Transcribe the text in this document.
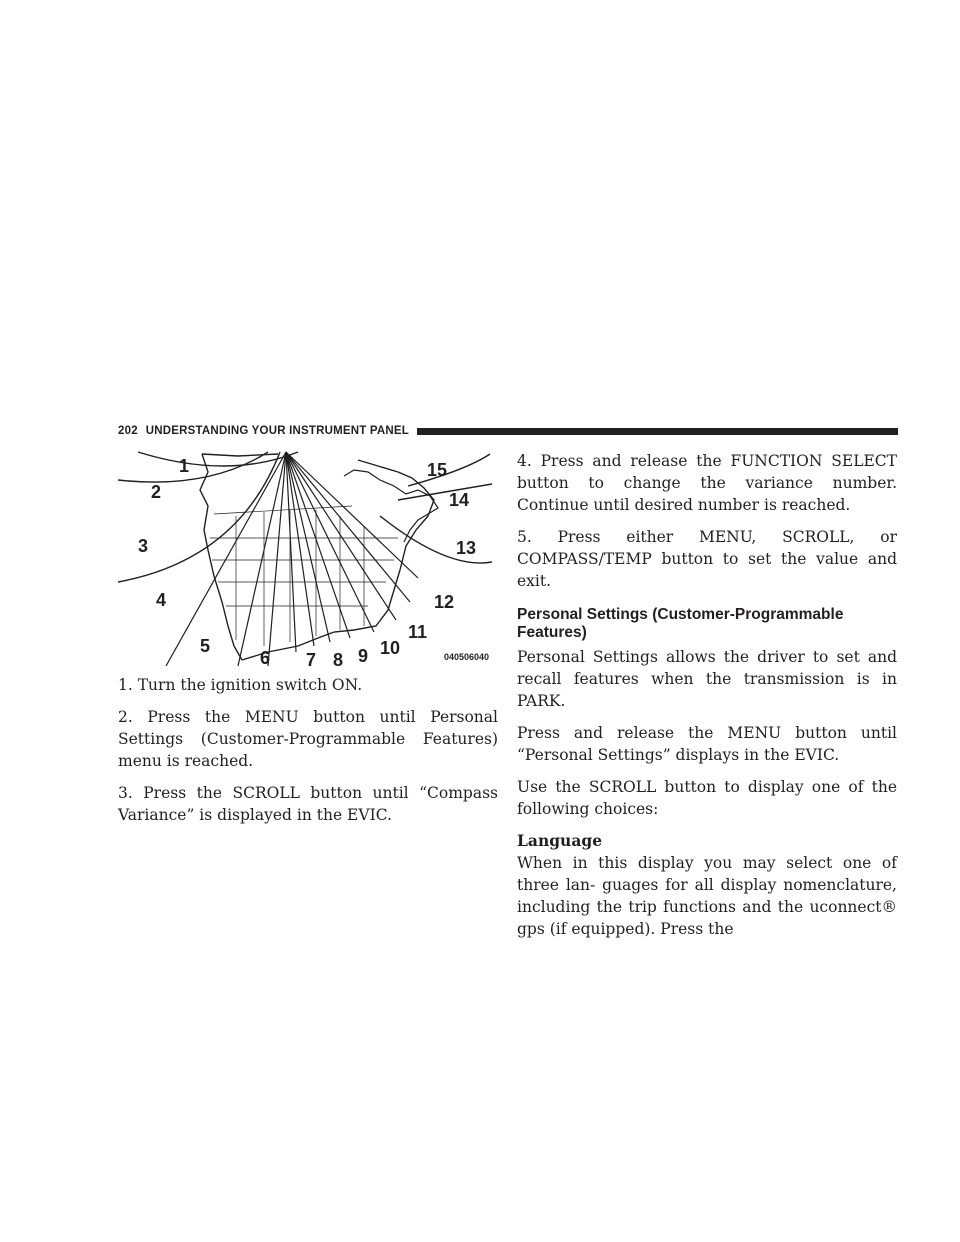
202 UNDERSTANDING YOUR INSTRUMENT PANEL
1
2
3
4
5
6 7 8 9 10
11
12
13
14
15
040506040

1. Turn the ignition switch ON.

2. Press the MENU button until Personal Settings (Customer-Programmable Features) menu is reached.

3. Press the SCROLL button until “Compass Variance” is displayed in the EVIC.

4. Press and release the FUNCTION SELECT button to change the variance number. Continue until desired number is reached.

5. Press either MENU, SCROLL, or COMPASS/TEMP button to set the value and exit.

Personal Settings (Customer-Programmable Features)

Personal Settings allows the driver to set and recall features when the transmission is in PARK.

Press and release the MENU button until “Personal Settings” displays in the EVIC.

Use the SCROLL button to display one of the following choices:

Language

When in this display you may select one of three lan- guages for all display nomenclature, including the trip functions and the uconnect® gps (if equipped). Press the
